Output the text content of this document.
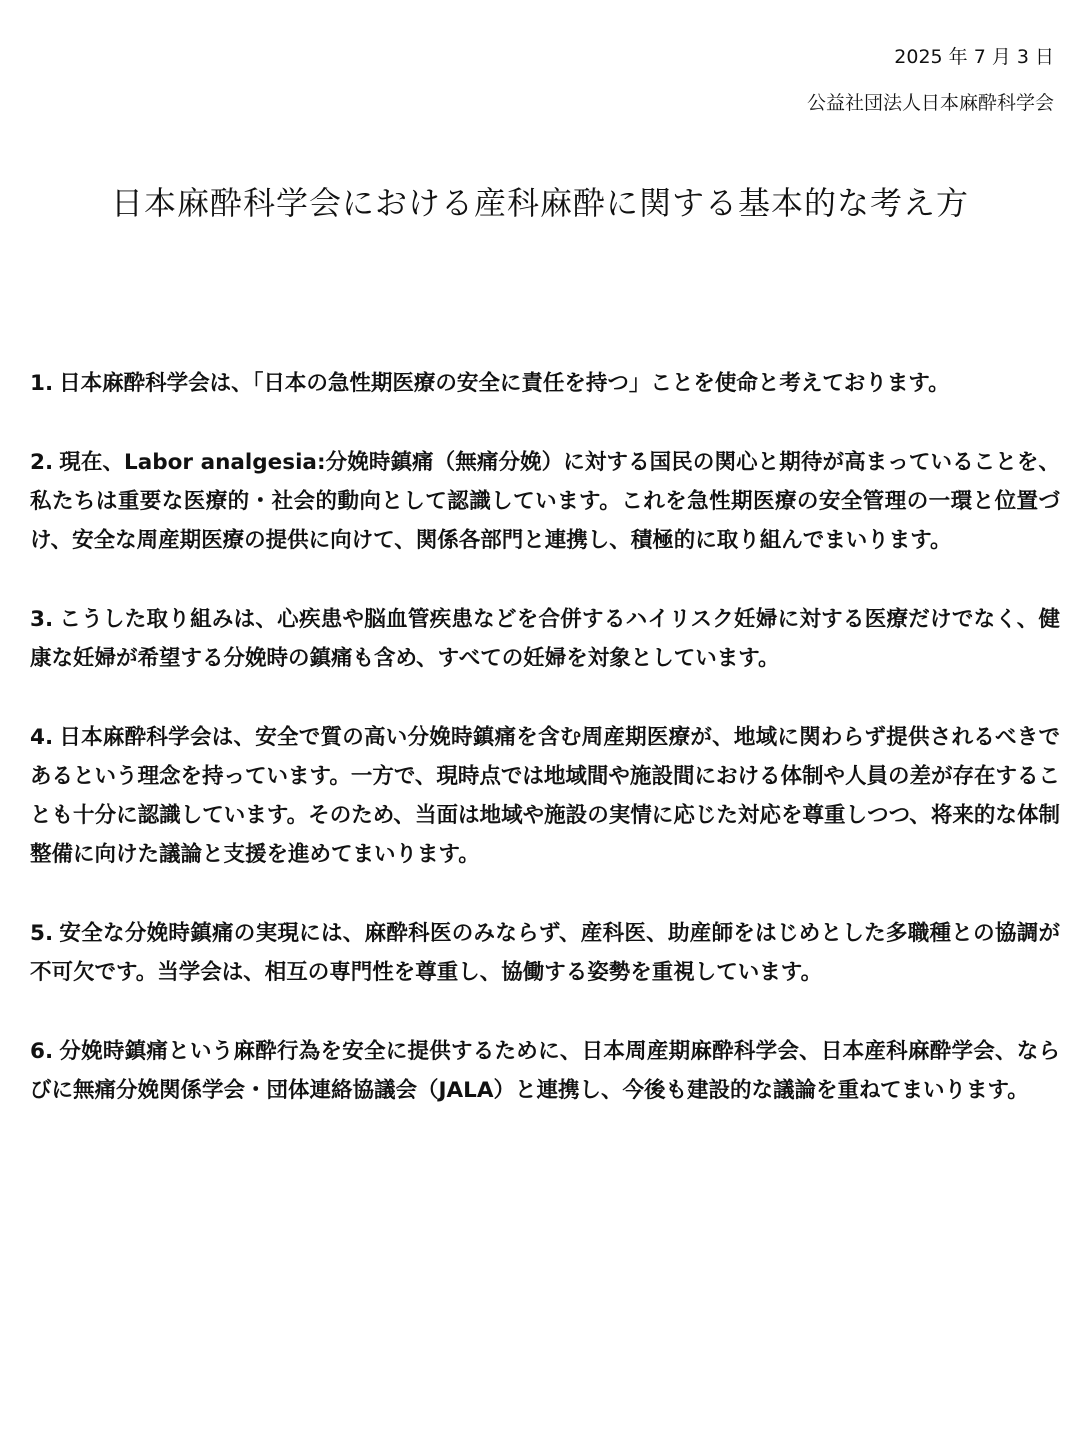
2025 年 7 月 3 日
公益社団法人日本麻酔科学会
日本麻酔科学会における産科麻酔に関する基本的な考え方
1. 日本麻酔科学会は、「日本の急性期医療の安全に責任を持つ」ことを使命と考えております。
2. 現在、Labor analgesia:分娩時鎮痛（無痛分娩）に対する国民の関心と期待が高まっていることを、私たちは重要な医療的・社会的動向として認識しています。これを急性期医療の安全管理の一環と位置づけ、安全な周産期医療の提供に向けて、関係各部門と連携し、積極的に取り組んでまいります。
3. こうした取り組みは、心疾患や脳血管疾患などを合併するハイリスク妊婦に対する医療だけでなく、健康な妊婦が希望する分娩時の鎮痛も含め、すべての妊婦を対象としています。
4. 日本麻酔科学会は、安全で質の高い分娩時鎮痛を含む周産期医療が、地域に関わらず提供されるべきであるという理念を持っています。一方で、現時点では地域間や施設間における体制や人員の差が存在することも十分に認識しています。そのため、当面は地域や施設の実情に応じた対応を尊重しつつ、将来的な体制整備に向けた議論と支援を進めてまいります。
5. 安全な分娩時鎮痛の実現には、麻酔科医のみならず、産科医、助産師をはじめとした多職種との協調が不可欠です。当学会は、相互の専門性を尊重し、協働する姿勢を重視しています。
6. 分娩時鎮痛という麻酔行為を安全に提供するために、日本周産期麻酔科学会、日本産科麻酔学会、ならびに無痛分娩関係学会・団体連絡協議会（JALA）と連携し、今後も建設的な議論を重ねてまいります。
